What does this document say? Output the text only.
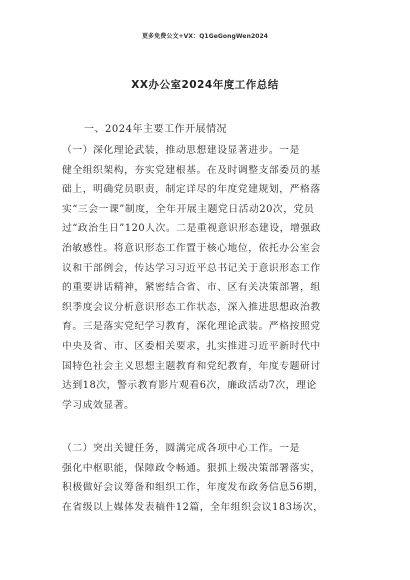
更多免费公文+VX：Q1GeGongWen2024
XX办公室2024年度工作总结
一、2024年主要工作开展情况
（一）深化理论武装，推动思想建设显著进步。一是
健全组织架构，夯实党建根基。在及时调整支部委员的基
础上，明确党员职责，制定详尽的年度党建规划，严格落
实“三会一课”制度，全年开展主题党日活动20次，党员
过“政治生日”120人次。二是重视意识形态建设，增强政
治敏感性。将意识形态工作置于核心地位，依托办公室会
议和干部例会，传达学习习近平总书记关于意识形态工作
的重要讲话精神，紧密结合省、市、区有关决策部署，组
织季度会议分析意识形态工作状态，深入推进思想政治教
育。三是落实党纪学习教育，深化理论武装。严格按照党
中央及省、市、区委相关要求，扎实推进习近平新时代中
国特色社会主义思想主题教育和党纪教育，年度专题研讨
达到18次，警示教育影片观看6次，廉政活动7次，理论
学习成效显著。
（二）突出关键任务，圆满完成各项中心工作。一是
强化中枢职能，保障政令畅通。狠抓上级决策部署落实，
积极做好会议筹备和组织工作，年度发布政务信息56期，
在省级以上媒体发表稿件12篇，全年组织会议183场次，
